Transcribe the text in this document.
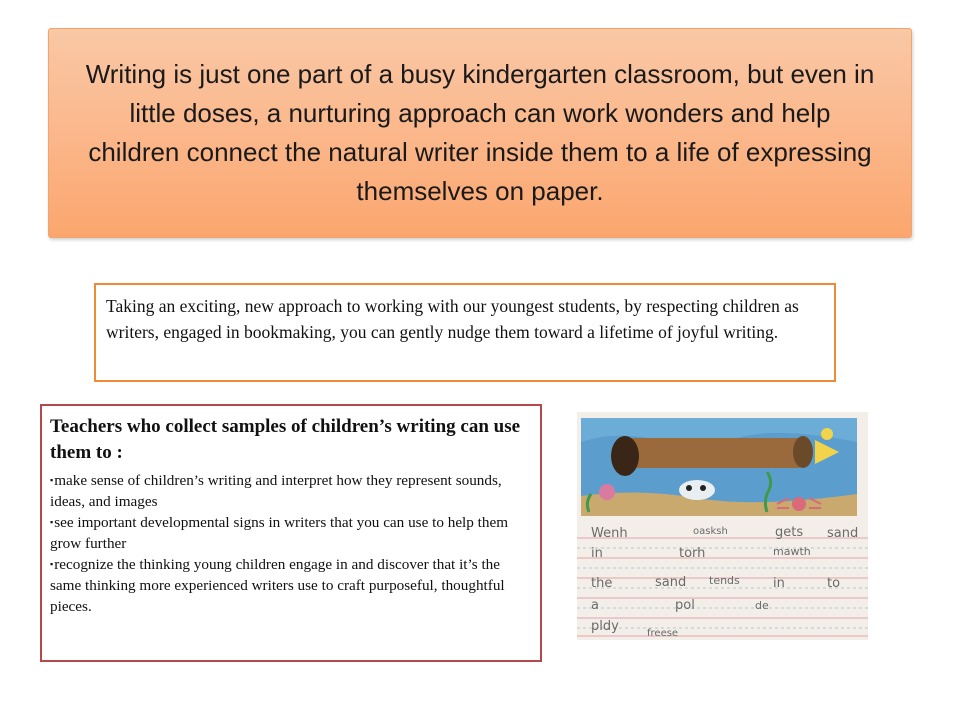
Writing is just one part of a busy kindergarten classroom, but even in little doses, a nurturing approach can work wonders and help children connect the natural writer inside them to a life of expressing themselves on paper.

Taking an exciting, new approach to working with our youngest students, by respecting children as writers, engaged in bookmaking, you can gently nudge them toward a lifetime of joyful writing.

Teachers who collect samples of children’s writing can use them to :

▪make sense of children’s writing and interpret how they represent sounds, ideas, and images
▪see important developmental signs in writers that you can use to help them grow further
▪recognize the thinking young children engage in and discover that it’s the same thinking more experienced writers use to craft purposeful, thoughtful pieces.
Wenh	oasksh	gets sand
in	torh	mawth
the	sand tends	in	to
a	pol	de
pldy	freese
